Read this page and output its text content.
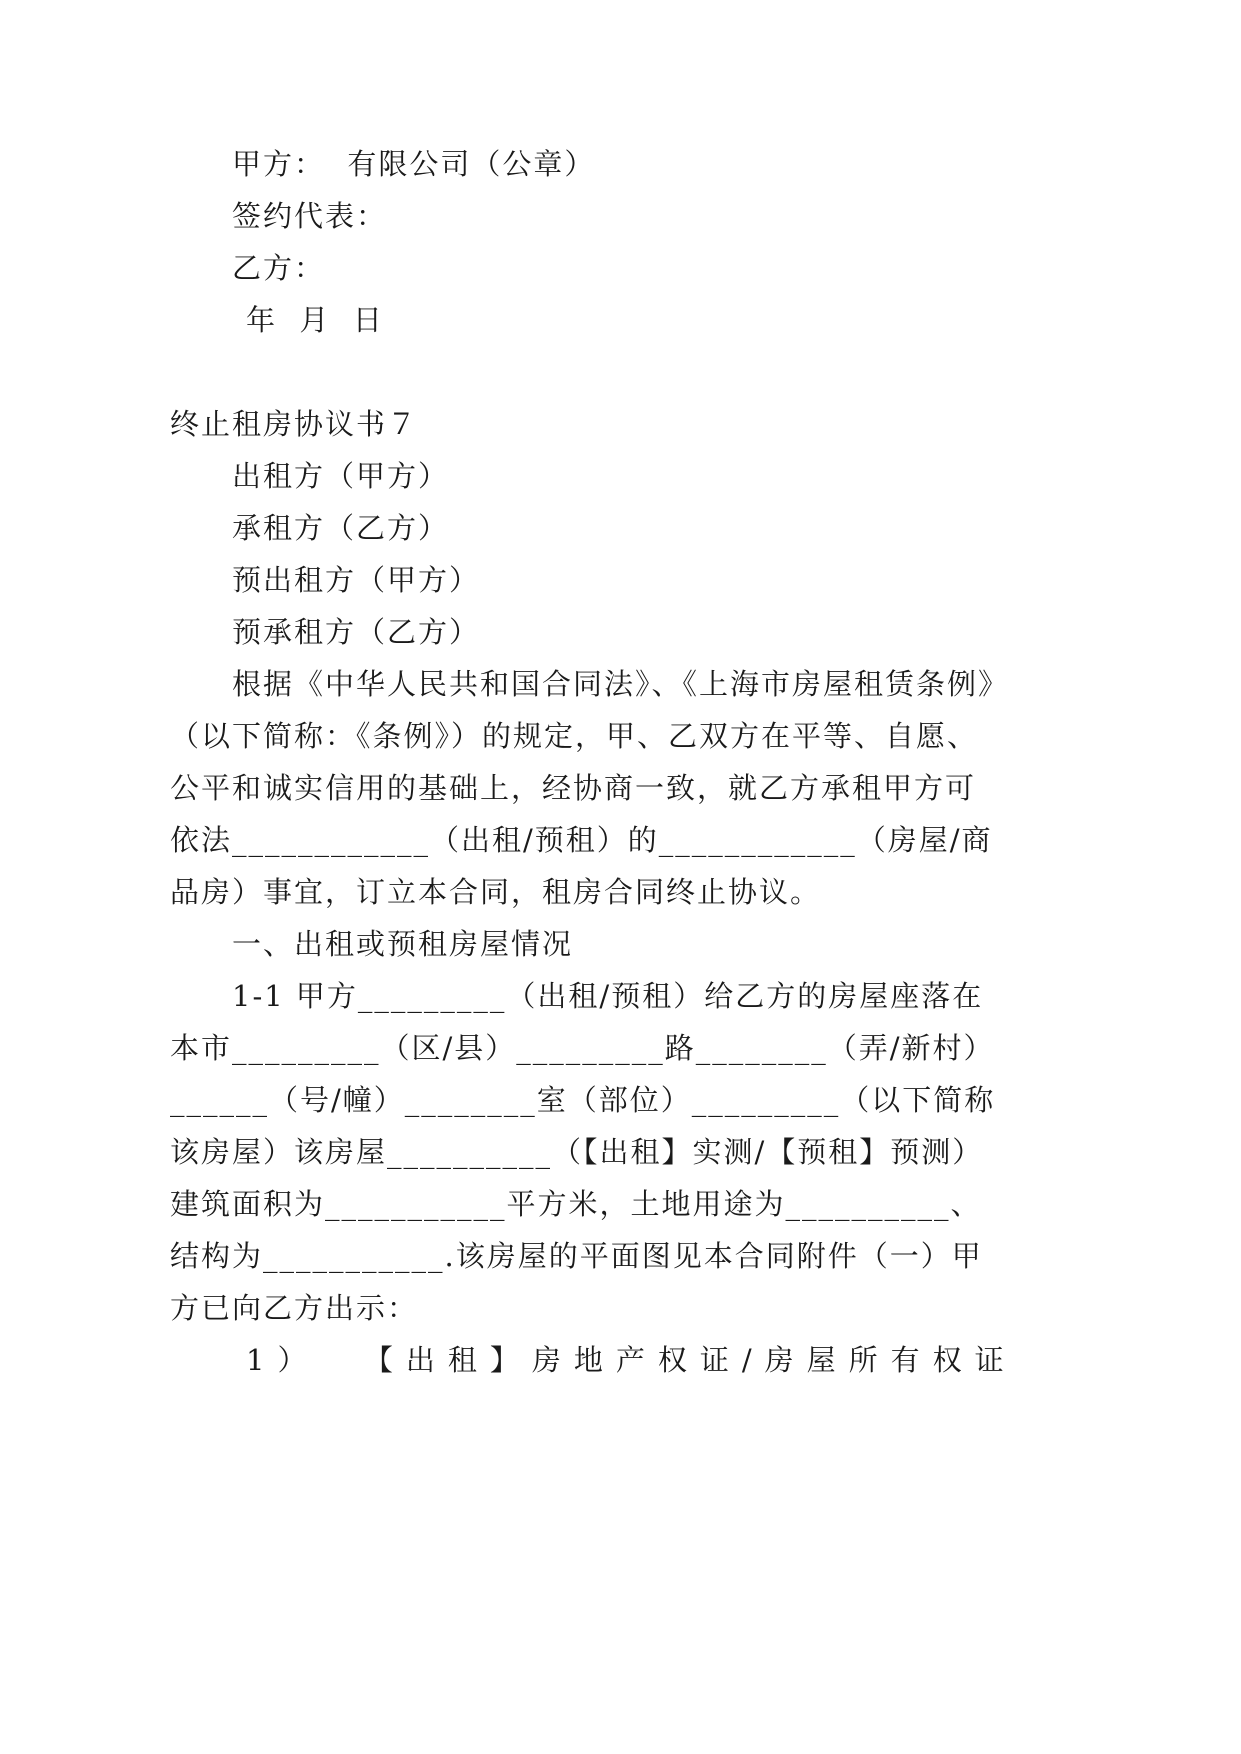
甲方：  有限公司（公章）
签约代表：
乙方：
年  月  日
终止租房协议书７
出租方（甲方）
承租方（乙方）
预出租方（甲方）
预承租方（乙方）
根据《中华人民共和国合同法》、《上海市房屋租赁条例》
（以下简称：《条例》）的规定，甲、乙双方在平等、自愿、
公平和诚实信用的基础上，经协商一致，就乙方承租甲方可
依法____________（出租/预租）的____________（房屋/商
品房）事宜，订立本合同，租房合同终止协议。
一、出租或预租房屋情况
1-1 甲方_________（出租/预租）给乙方的房屋座落在
本市_________（区/县）_________路________（弄/新村）
______（号/幢）________室（部位）_________（以下简称
该房屋）该房屋__________（【出租】实测/【预租】预测）
建筑面积为___________平方米，土地用途为__________、
结构为___________.该房屋的平面图见本合同附件（一）甲
方已向乙方出示：
1）  【出租】房地产权证/房屋所有权证
